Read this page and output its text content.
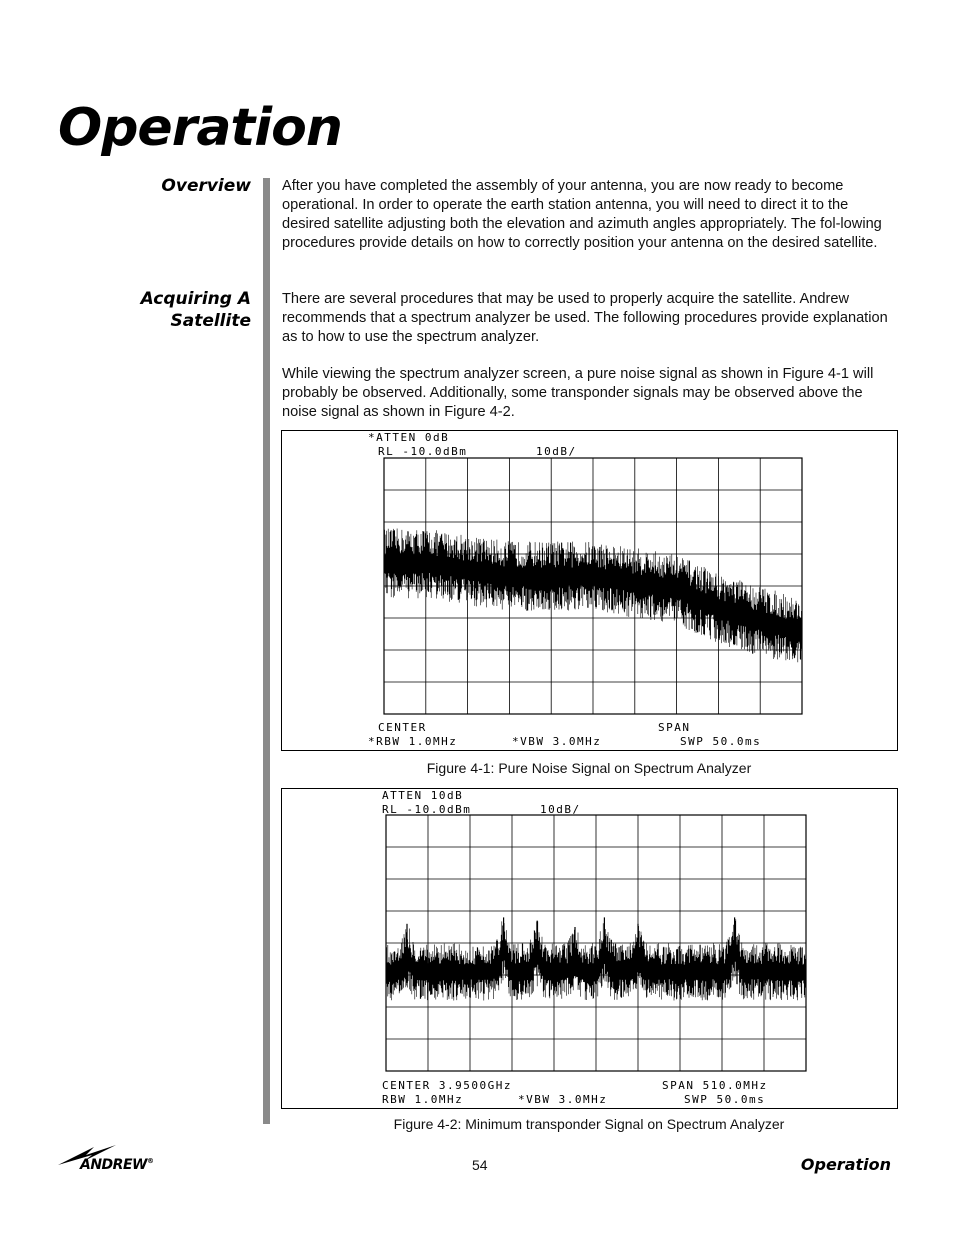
Operation
Overview
Acquiring A
Satellite

After you have completed the assembly of your antenna, you are now ready to become operational. In order to operate the earth station antenna, you will need to direct it to the desired satellite adjusting both the elevation and azimuth angles appropriately. The fol-lowing procedures provide details on how to correctly position your antenna on the desired satellite.

There are several procedures that may be used to properly acquire the satellite. Andrew recommends that a spectrum analyzer be used. The following procedures provide explanation as to how to use the spectrum analyzer.

While viewing the spectrum analyzer screen, a pure noise signal as shown in Figure 4-1 will probably be observed. Additionally, some transponder signals may be observed above the noise signal as shown in Figure 4-2.

*ATTEN 0dB
RL -10.0dBm	10dB/
CENTER	SPAN
*RBW 1.0MHz	*VBW 3.0MHz	SWP 50.0ms

Figure 4-1: Pure Noise Signal on Spectrum Analyzer

ATTEN 10dB
RL -10.0dBm	10dB/
CENTER 3.9500GHz	SPAN 510.0MHz
RBW 1.0MHz	*VBW 3.0MHz	SWP 50.0ms

Figure 4-2: Minimum transponder Signal on Spectrum Analyzer

ANDREW®	54	Operation
